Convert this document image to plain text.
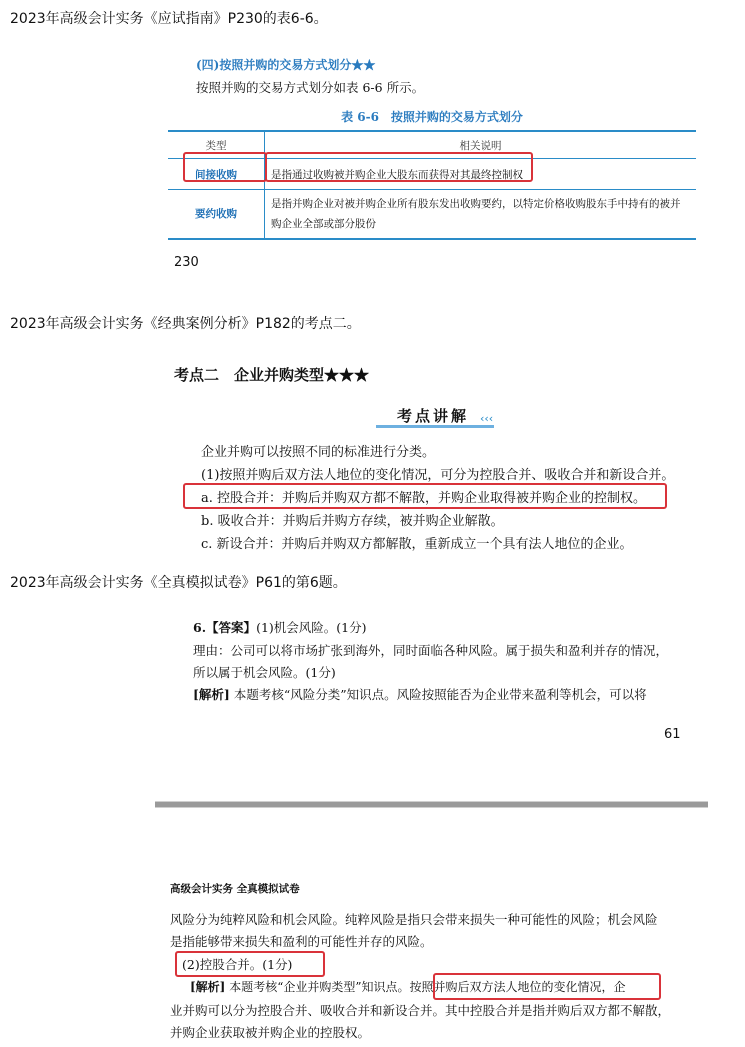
2023年高级会计实务《应试指南》P230的表6-6。
(四)按照并购的交易方式划分★★
按照并购的交易方式划分如表 6-6 所示。
表 6-6　按照并购的交易方式划分
类型	相关说明
间接收购	是指通过收购被并购企业大股东而获得对其最终控制权
要约收购	是指并购企业对被并购企业所有股东发出收购要约，以特定价格收购股东手中持有的被并购企业全部或部分股份
230
2023年高级会计实务《经典案例分析》P182的考点二。
考点二　企业并购类型★★★
考点讲解 ‹‹‹
企业并购可以按照不同的标准进行分类。
(1)按照并购后双方法人地位的变化情况，可分为控股合并、吸收合并和新设合并。
a. 控股合并：并购后并购双方都不解散，并购企业取得被并购企业的控制权。
b. 吸收合并：并购后并购方存续，被并购企业解散。
c. 新设合并：并购后并购双方都解散，重新成立一个具有法人地位的企业。
2023年高级会计实务《全真模拟试卷》P61的第6题。
6.【答案】(1)机会风险。(1分)
理由：公司可以将市场扩张到海外，同时面临各种风险。属于损失和盈利并存的情况，
所以属于机会风险。(1分)
[解析] 本题考核“风险分类”知识点。风险按照能否为企业带来盈利等机会，可以将
61
高级会计实务 全真模拟试卷
风险分为纯粹风险和机会风险。纯粹风险是指只会带来损失一种可能性的风险；机会风险
是指能够带来损失和盈利的可能性并存的风险。
(2)控股合并。(1分)
[解析] 本题考核“企业并购类型”知识点。按照并购后双方法人地位的变化情况，企
业并购可以分为控股合并、吸收合并和新设合并。其中控股合并是指并购后双方都不解散，
并购企业获取被并购企业的控股权。
